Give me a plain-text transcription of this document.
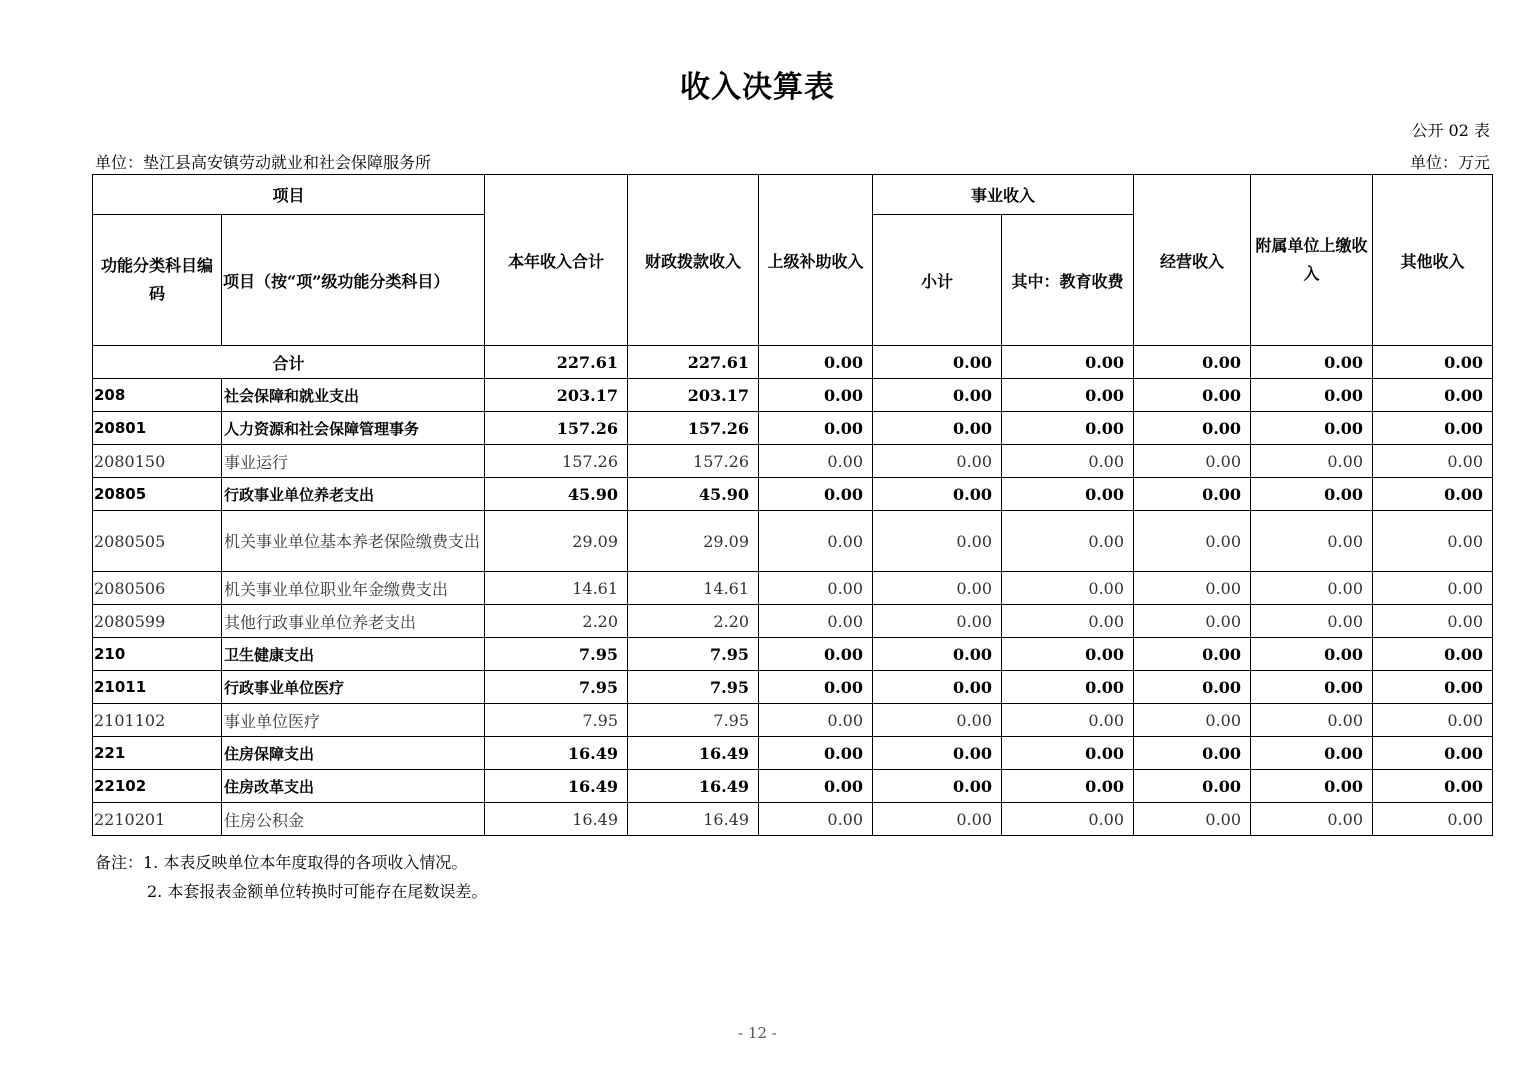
收入决算表
公开 02 表
单位：垫江县高安镇劳动就业和社会保障服务所	单位：万元
项目		本年收入合计	财政拨款收入	上级补助收入	事业收入		经营收入	附属单位上缴收入	其他收入
功能分类科目编码	项目（按“项”级功能分类科目）				小计	其中：教育收费			
合计		227.61	227.61	0.00	0.00	0.00	0.00	0.00	0.00
208	社会保障和就业支出	203.17	203.17	0.00	0.00	0.00	0.00	0.00	0.00
20801	人力资源和社会保障管理事务	157.26	157.26	0.00	0.00	0.00	0.00	0.00	0.00
2080150	事业运行	157.26	157.26	0.00	0.00	0.00	0.00	0.00	0.00
20805	行政事业单位养老支出	45.90	45.90	0.00	0.00	0.00	0.00	0.00	0.00
2080505	机关事业单位基本养老保险缴费支出	29.09	29.09	0.00	0.00	0.00	0.00	0.00	0.00
2080506	机关事业单位职业年金缴费支出	14.61	14.61	0.00	0.00	0.00	0.00	0.00	0.00
2080599	其他行政事业单位养老支出	2.20	2.20	0.00	0.00	0.00	0.00	0.00	0.00
210	卫生健康支出	7.95	7.95	0.00	0.00	0.00	0.00	0.00	0.00
21011	行政事业单位医疗	7.95	7.95	0.00	0.00	0.00	0.00	0.00	0.00
2101102	事业单位医疗	7.95	7.95	0.00	0.00	0.00	0.00	0.00	0.00
221	住房保障支出	16.49	16.49	0.00	0.00	0.00	0.00	0.00	0.00
22102	住房改革支出	16.49	16.49	0.00	0.00	0.00	0.00	0.00	0.00
2210201	住房公积金	16.49	16.49	0.00	0.00	0.00	0.00	0.00	0.00
备注：1. 本表反映单位本年度取得的各项收入情况。
2. 本套报表金额单位转换时可能存在尾数误差。
- 12 -
